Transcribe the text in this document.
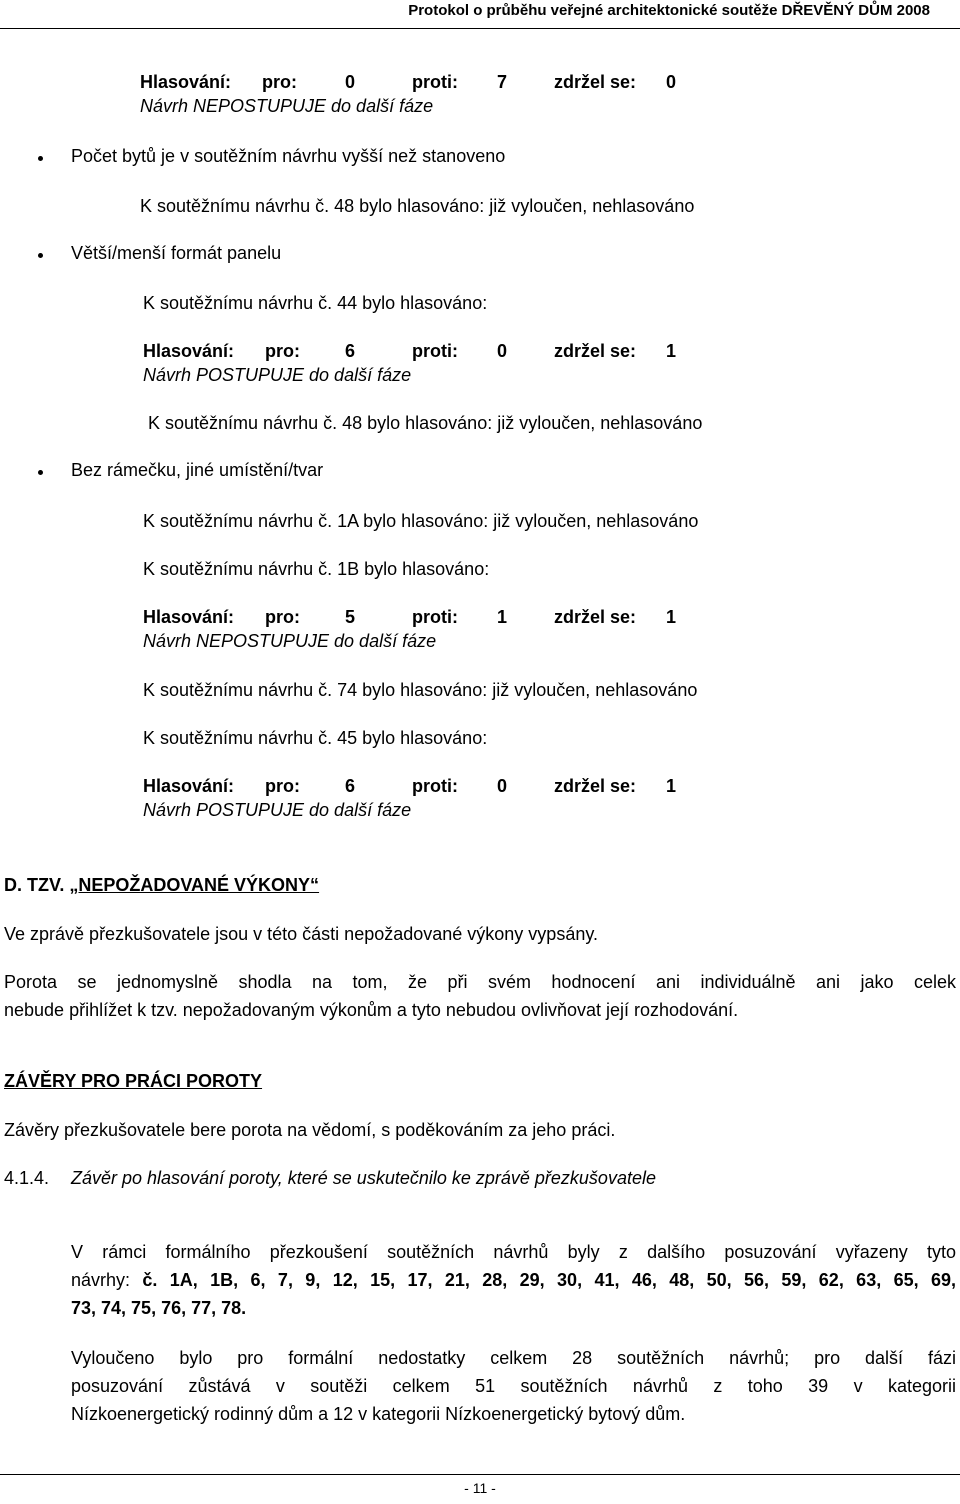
Protokol o průběhu veřejné architektonické soutěže DŘEVĚNÝ DŮM 2008
Hlasování: pro:	0	proti: 7	zdržel se: 0
Návrh NEPOSTUPUJE do další fáze
Počet bytů je v soutěžním návrhu vyšší než stanoveno
K soutěžnímu návrhu č. 48 bylo hlasováno: již vyloučen, nehlasováno
Větší/menší formát panelu
K soutěžnímu návrhu č. 44 bylo hlasováno:
Hlasování: pro:	6	proti: 0	zdržel se: 1
Návrh POSTUPUJE do další fáze
K soutěžnímu návrhu č. 48 bylo hlasováno: již vyloučen, nehlasováno
Bez rámečku, jiné umístění/tvar
K soutěžnímu návrhu č. 1A bylo hlasováno: již vyloučen, nehlasováno
K soutěžnímu návrhu č. 1B bylo hlasováno:
Hlasování: pro:	5	proti: 1	zdržel se: 1
Návrh NEPOSTUPUJE do další fáze
K soutěžnímu návrhu č. 74 bylo hlasováno: již vyloučen, nehlasováno
K soutěžnímu návrhu č. 45 bylo hlasováno:
Hlasování: pro:	6	proti: 0	zdržel se: 1
Návrh POSTUPUJE do další fáze
D. TZV. „NEPOŽADOVANÉ VÝKONY“
Ve zprávě přezkušovatele jsou v této části nepožadované výkony vypsány.
Porota se jednomyslně shodla na tom, že při svém hodnocení ani individuálně ani jako celek
nebude přihlížet k tzv. nepožadovaným výkonům a tyto nebudou ovlivňovat její rozhodování.
ZÁVĚRY PRO PRÁCI POROTY
Závěry přezkušovatele bere porota na vědomí, s poděkováním za jeho práci.
4.1.4. Závěr po hlasování poroty, které se uskutečnilo ke zprávě přezkušovatele
V rámci formálního přezkoušení soutěžních návrhů byly z dalšího posuzování vyřazeny tyto
návrhy: č. 1A, 1B, 6, 7, 9, 12, 15, 17, 21, 28, 29, 30, 41, 46, 48, 50, 56, 59, 62, 63, 65, 69,
73, 74, 75, 76, 77, 78.
Vyloučeno bylo pro formální nedostatky celkem 28 soutěžních návrhů; pro další fázi
posuzování zůstává v soutěži celkem 51 soutěžních návrhů z toho 39 v kategorii
Nízkoenergetický rodinný dům a 12 v kategorii Nízkoenergetický bytový dům.
- 11 -
